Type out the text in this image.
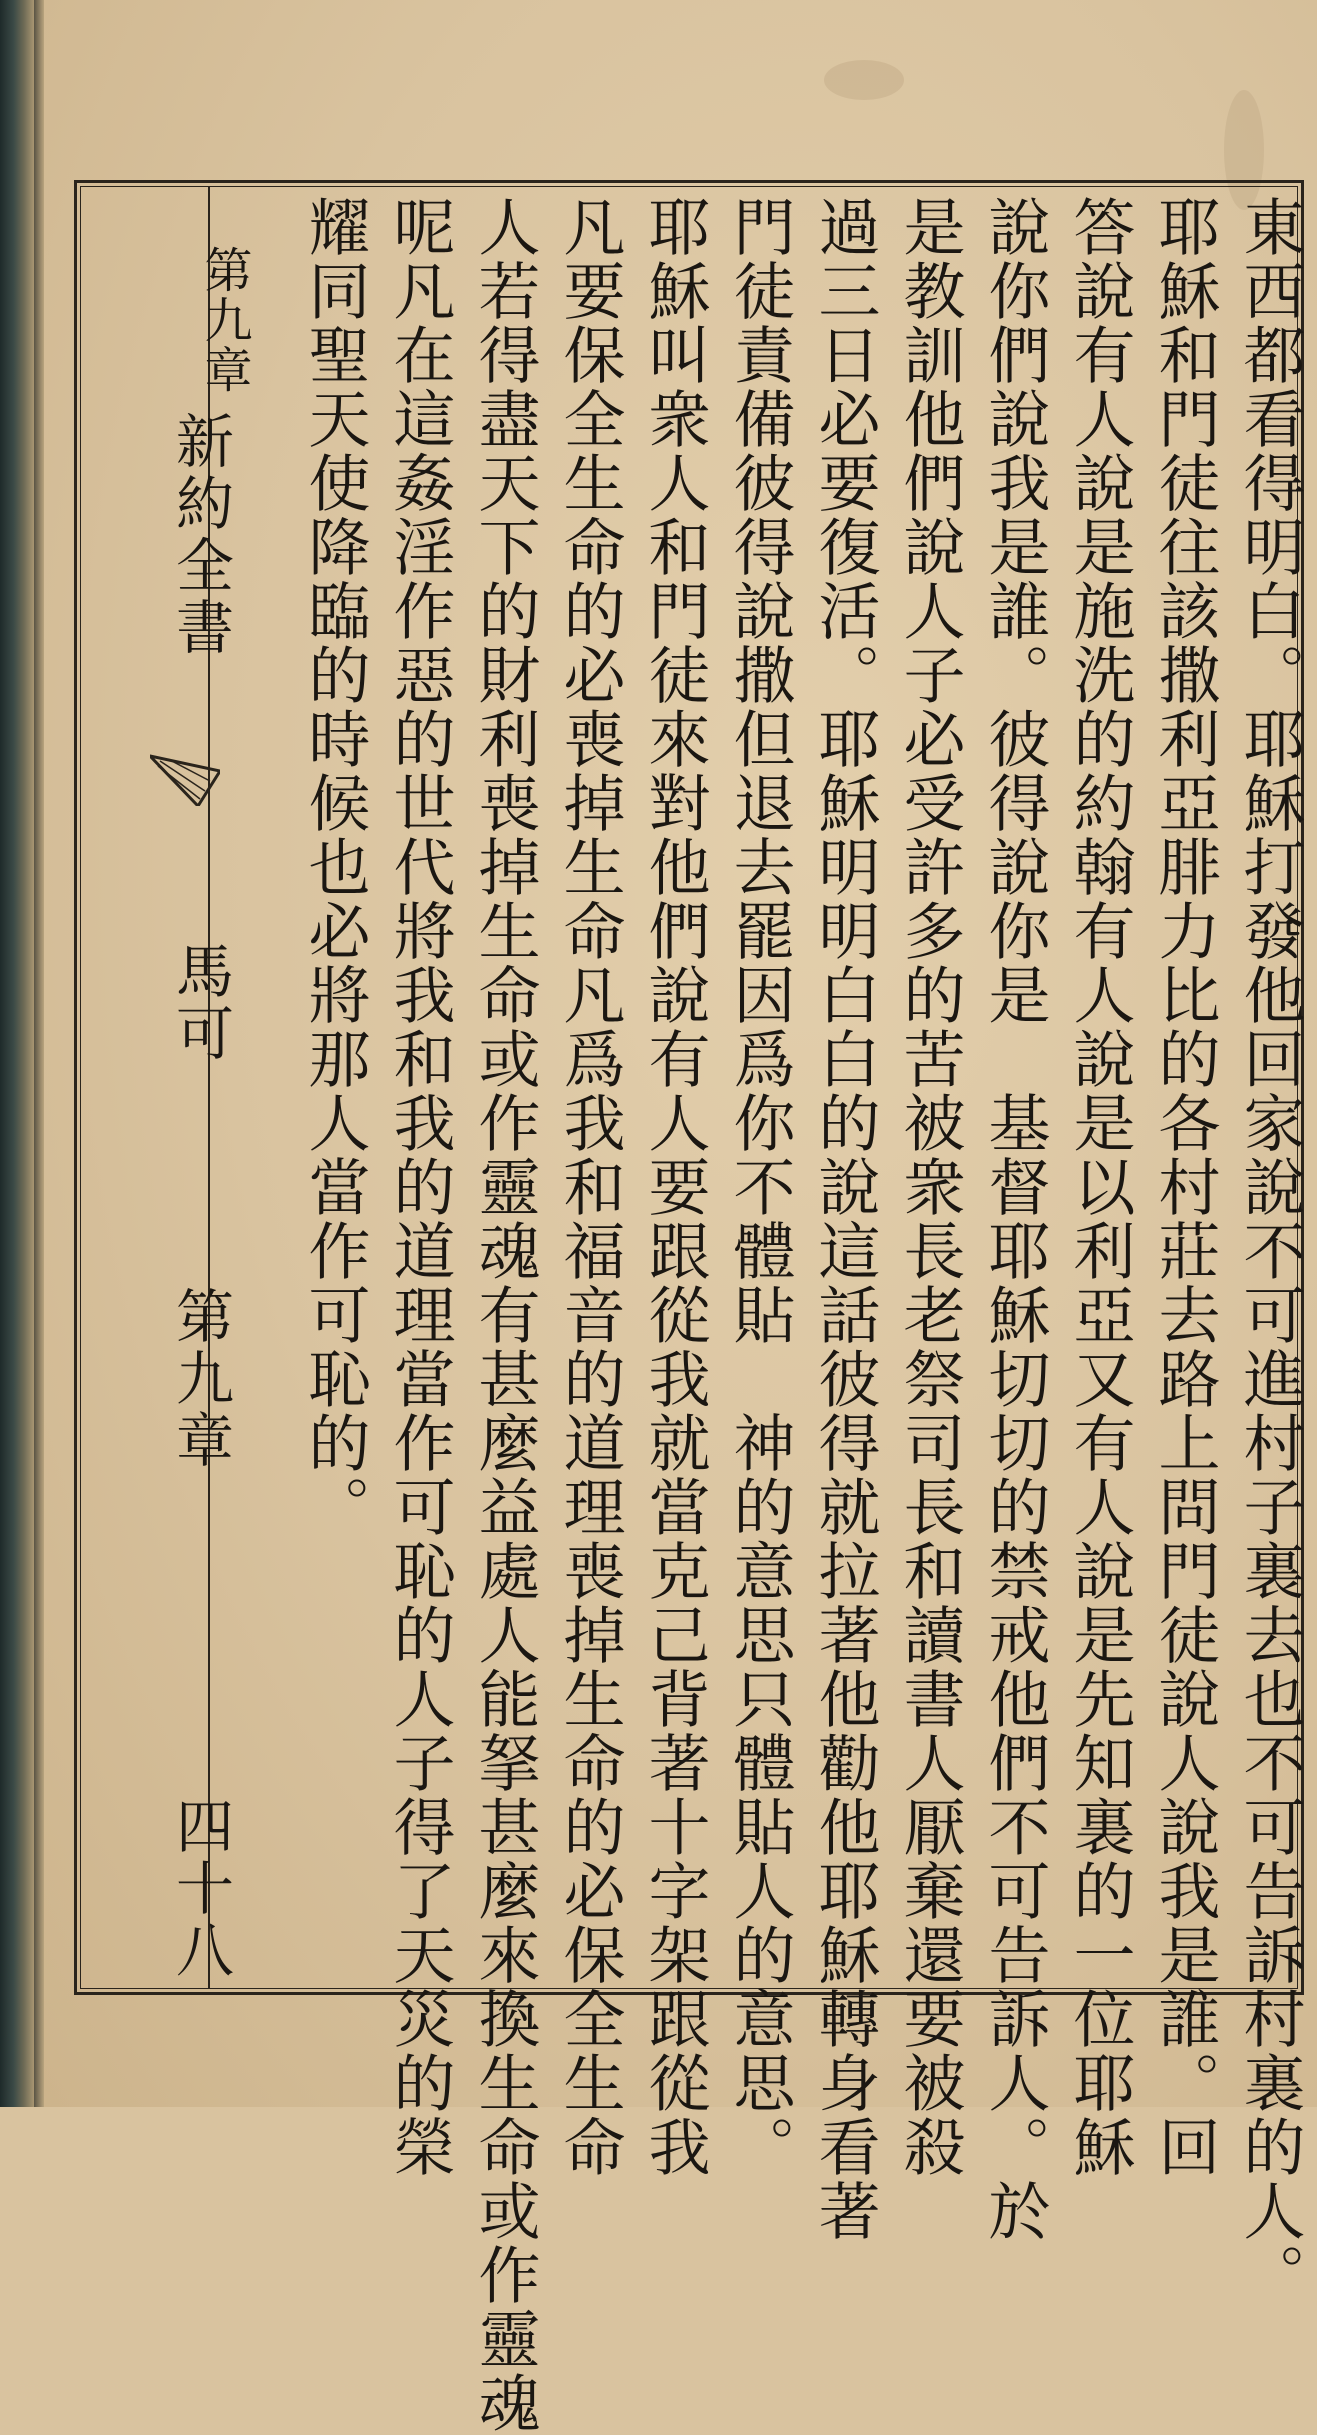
新約全書
馬可
第九章
四十八	東西都看得明白。耶穌打發他回家說不可進村子裏去也不可告訴村裏的人。
耶穌和門徒往該撒利亞腓力比的各村莊去路上問門徒說人說我是誰。回
答說有人說是施洗的約翰有人說是以利亞又有人說是先知裏的一位耶穌
說你們說我是誰。彼得說你是　基督耶穌切切的禁戒他們不可告訴人。於
是教訓他們說人子必受許多的苦被衆長老祭司長和讀書人厭棄還要被殺
過三日必要復活。耶穌明明白白的說這話彼得就拉著他勸他耶穌轉身看著
門徒責備彼得說撒但退去罷因爲你不體貼　神的意思只體貼人的意思。
耶穌叫衆人和門徒來對他們說有人要跟從我就當克己背著十字架跟從我
凡要保全生命的必喪掉生命凡爲我和福音的道理喪掉生命的必保全生命
人若得盡天下的財利喪掉生命或作靈魂有甚麼益處人能拏甚麼來換生命或作靈魂
呢凡在這姦淫作惡的世代將我和我的道理當作可恥的人子得了天災的榮
耀同聖天使降臨的時候也必將那人當作可恥的。
第九章
